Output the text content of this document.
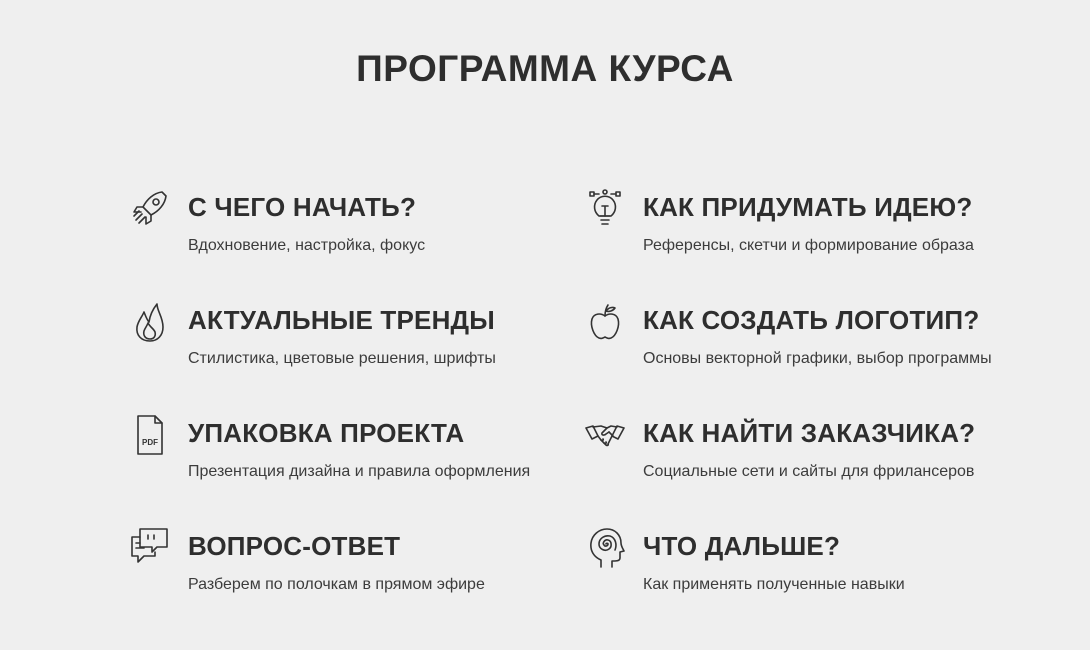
ПРОГРАММА КУРСА
С ЧЕГО НАЧАТЬ?
Вдохновение, настройка, фокус
КАК ПРИДУМАТЬ ИДЕЮ?
Референсы, скетчи и формирование образа
АКТУАЛЬНЫЕ ТРЕНДЫ
Стилистика, цветовые решения, шрифты
КАК СОЗДАТЬ ЛОГОТИП?
Основы векторной графики, выбор программы
PDF УПАКОВКА ПРОЕКТА
Презентация дизайна и правила оформления
КАК НАЙТИ ЗАКАЗЧИКА?
Социальные сети и сайты для фрилансеров
ВОПРОС-ОТВЕТ
Разберем по полочкам в прямом эфире
ЧТО ДАЛЬШЕ?
Как применять полученные навыки
